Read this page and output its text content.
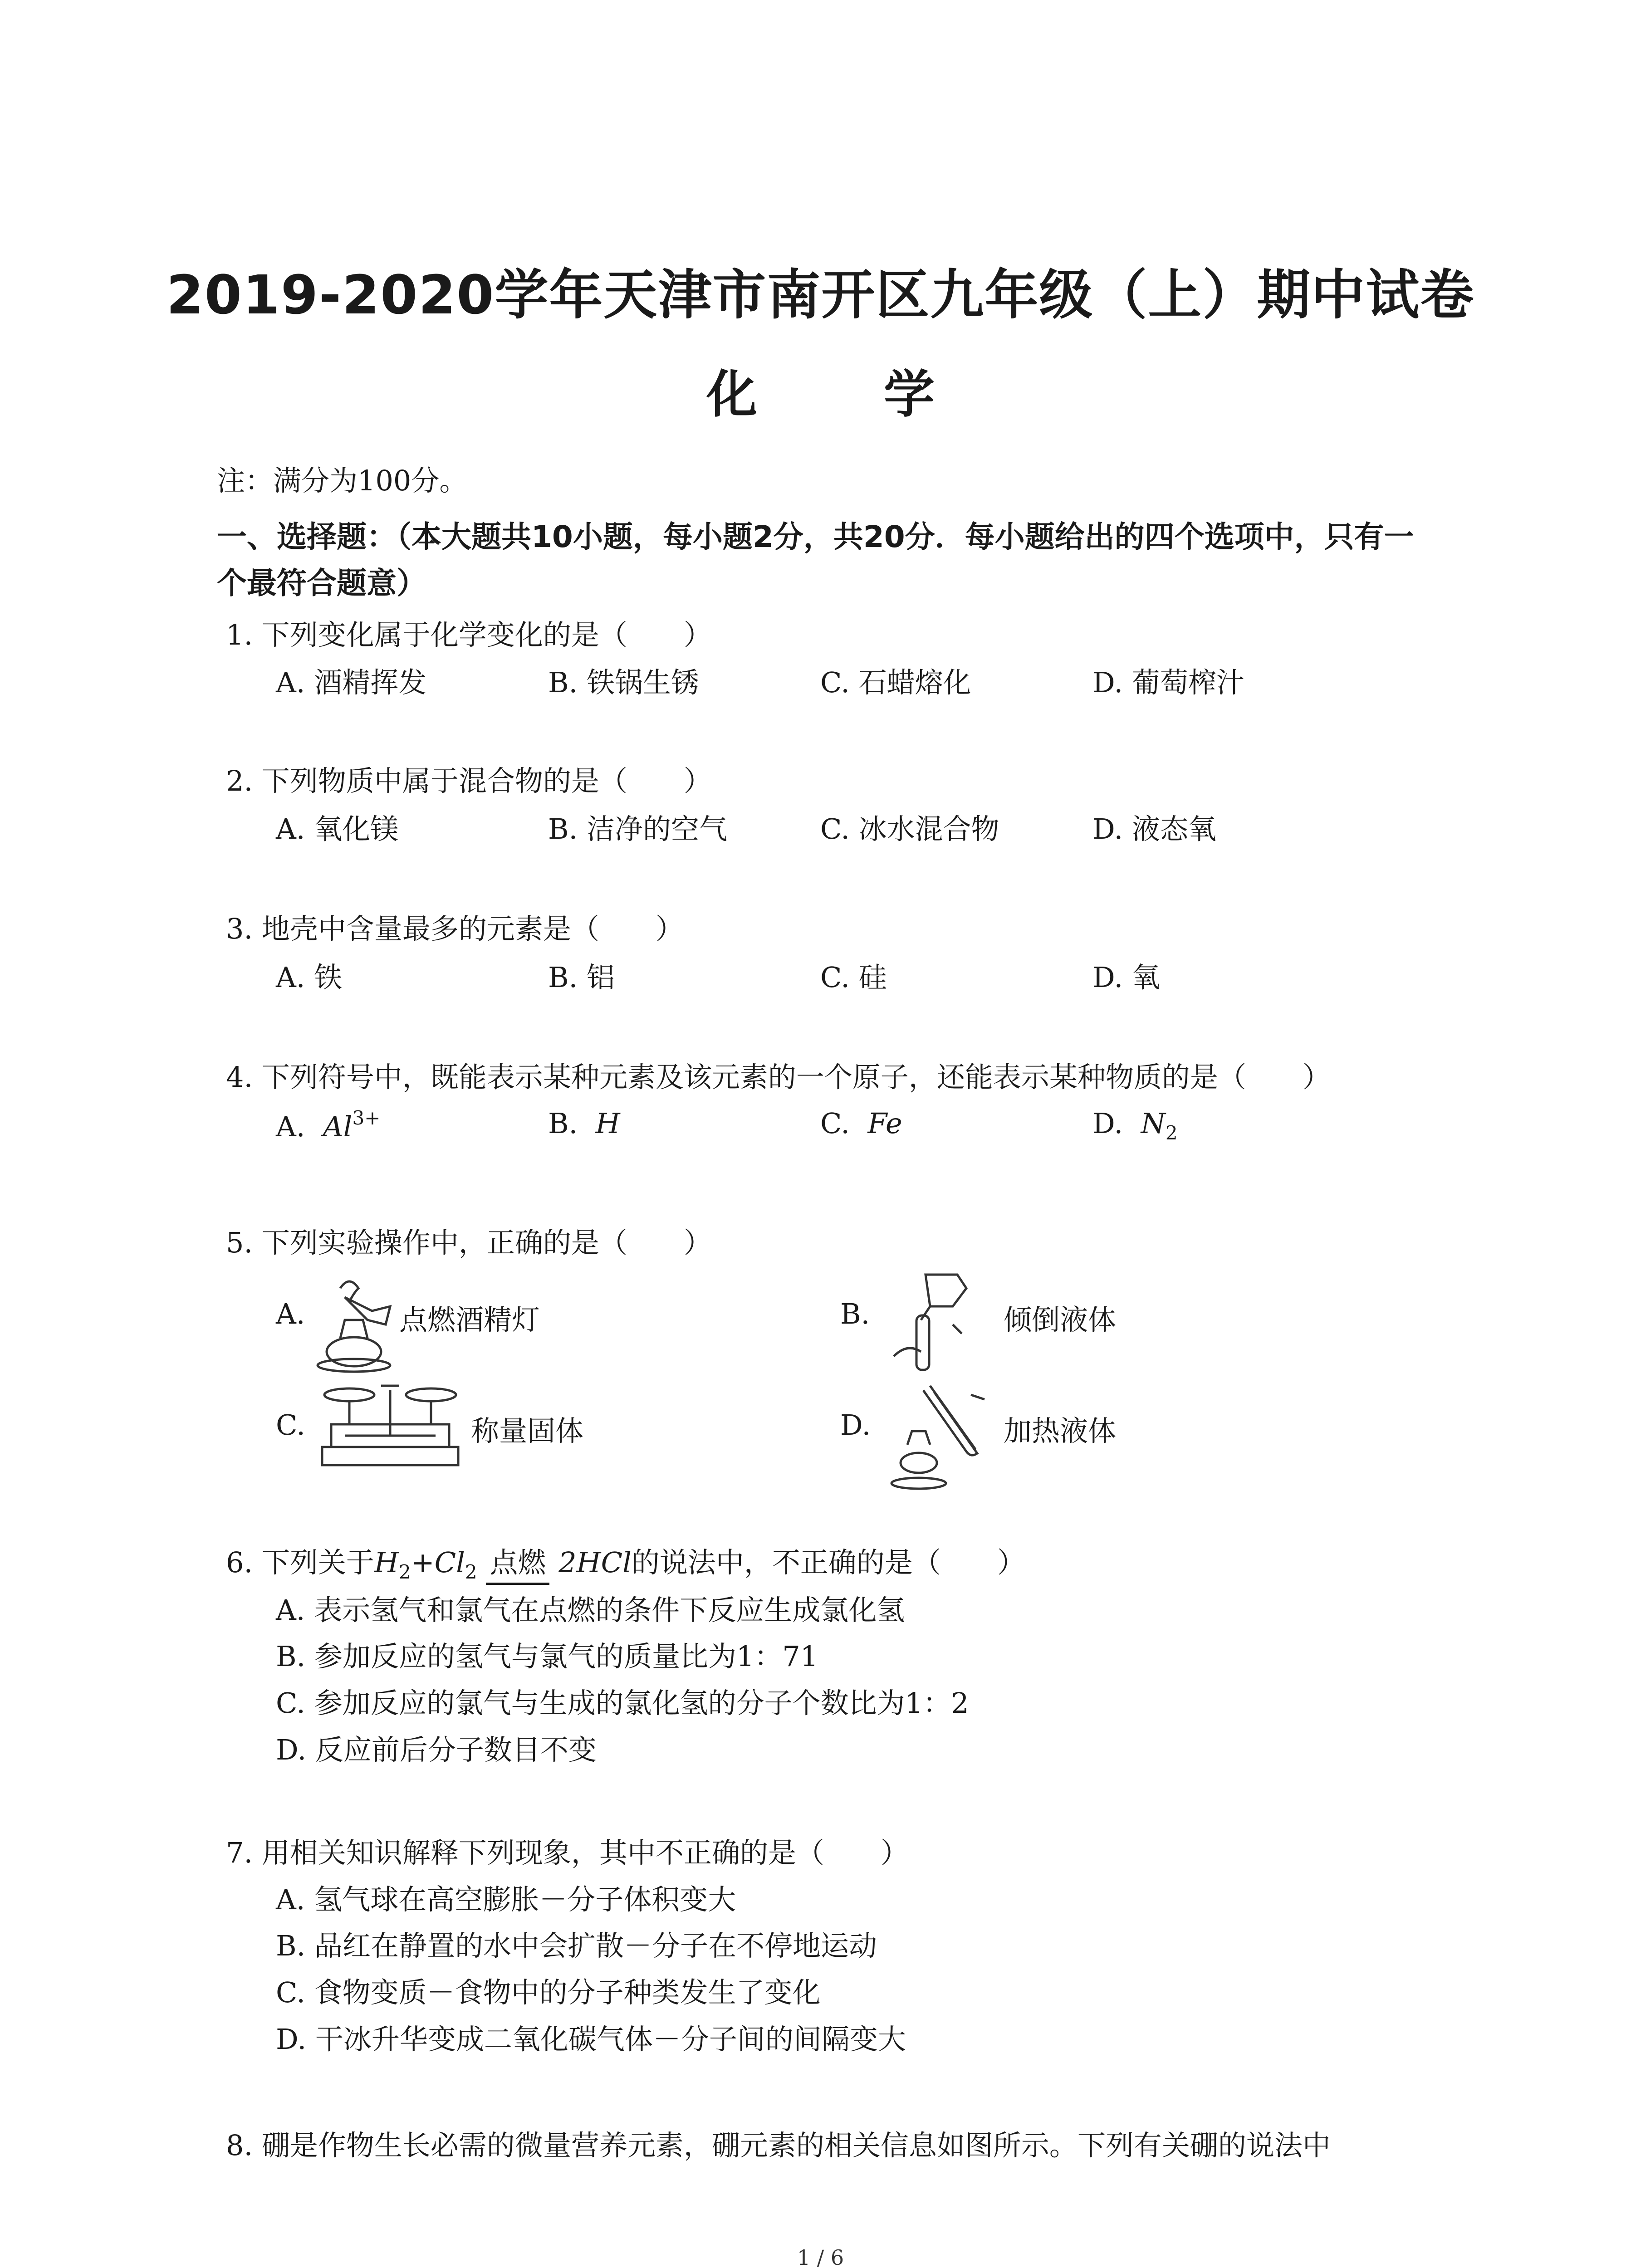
2019-2020学年天津市南开区九年级（上）期中试卷
化 学
注：满分为100分。
一、选择题：（本大题共10小题，每小题2分，共20分．每小题给出的四个选项中，只有一
个最符合题意）
1. 下列变化属于化学变化的是（　　）
A. 酒精挥发	B. 铁锅生锈	C. 石蜡熔化	D. 葡萄榨汁
2. 下列物质中属于混合物的是（　　）
A. 氧化镁	B. 洁净的空气	C. 冰水混合物	D. 液态氧
3. 地壳中含量最多的元素是（　　）
A. 铁	B. 铝	C. 硅	D. 氧
4. 下列符号中，既能表示某种元素及该元素的一个原子，还能表示某种物质的是（　　）
A. $Al^{3+}$	B. H	C. Fe	D. $N_2$
5. 下列实验操作中，正确的是（　　）
A.	点燃酒精灯	B.	倾倒液体
C.	称量固体	D.	加热液体
6. 下列关于$H_2+Cl_2$ 点燃 2HCl的说法中，不正确的是（　　）
A. 表示氢气和氯气在点燃的条件下反应生成氯化氢
B. 参加反应的氢气与氯气的质量比为1：71
C. 参加反应的氯气与生成的氯化氢的分子个数比为1：2
D. 反应前后分子数目不变
7. 用相关知识解释下列现象，其中不正确的是（　　）
A. 氢气球在高空膨胀－分子体积变大
B. 品红在静置的水中会扩散－分子在不停地运动
C. 食物变质－食物中的分子种类发生了变化
D. 干冰升华变成二氧化碳气体－分子间的间隔变大
8. 硼是作物生长必需的微量营养元素，硼元素的相关信息如图所示。下列有关硼的说法中
1 / 6
